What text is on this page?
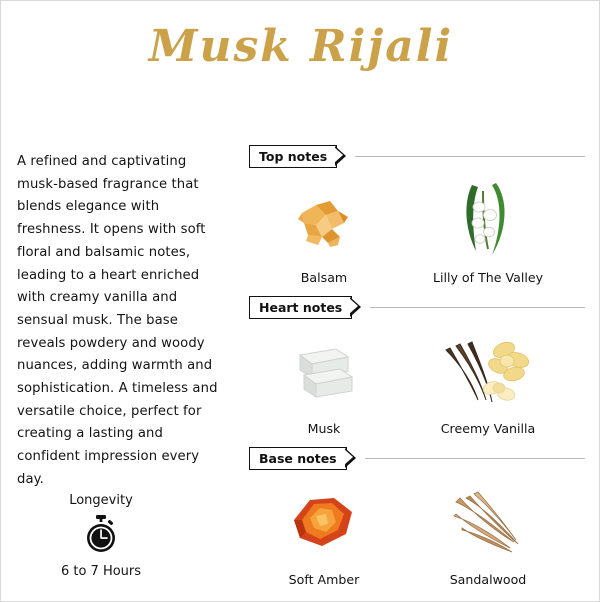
Musk Rijali
A refined and captivating musk-based fragrance that blends elegance with freshness. It opens with soft floral and balsamic notes, leading to a heart enriched with creamy vanilla and sensual musk. The base reveals powdery and woody nuances, adding warmth and sophistication. A timeless and versatile choice, perfect for creating a lasting and confident impression every day.
Longevity
6 to 7 Hours
Top notes
Balsam	Lilly of The Valley
Heart notes
Musk	Creemy Vanilla
Base notes
Soft Amber	Sandalwood
